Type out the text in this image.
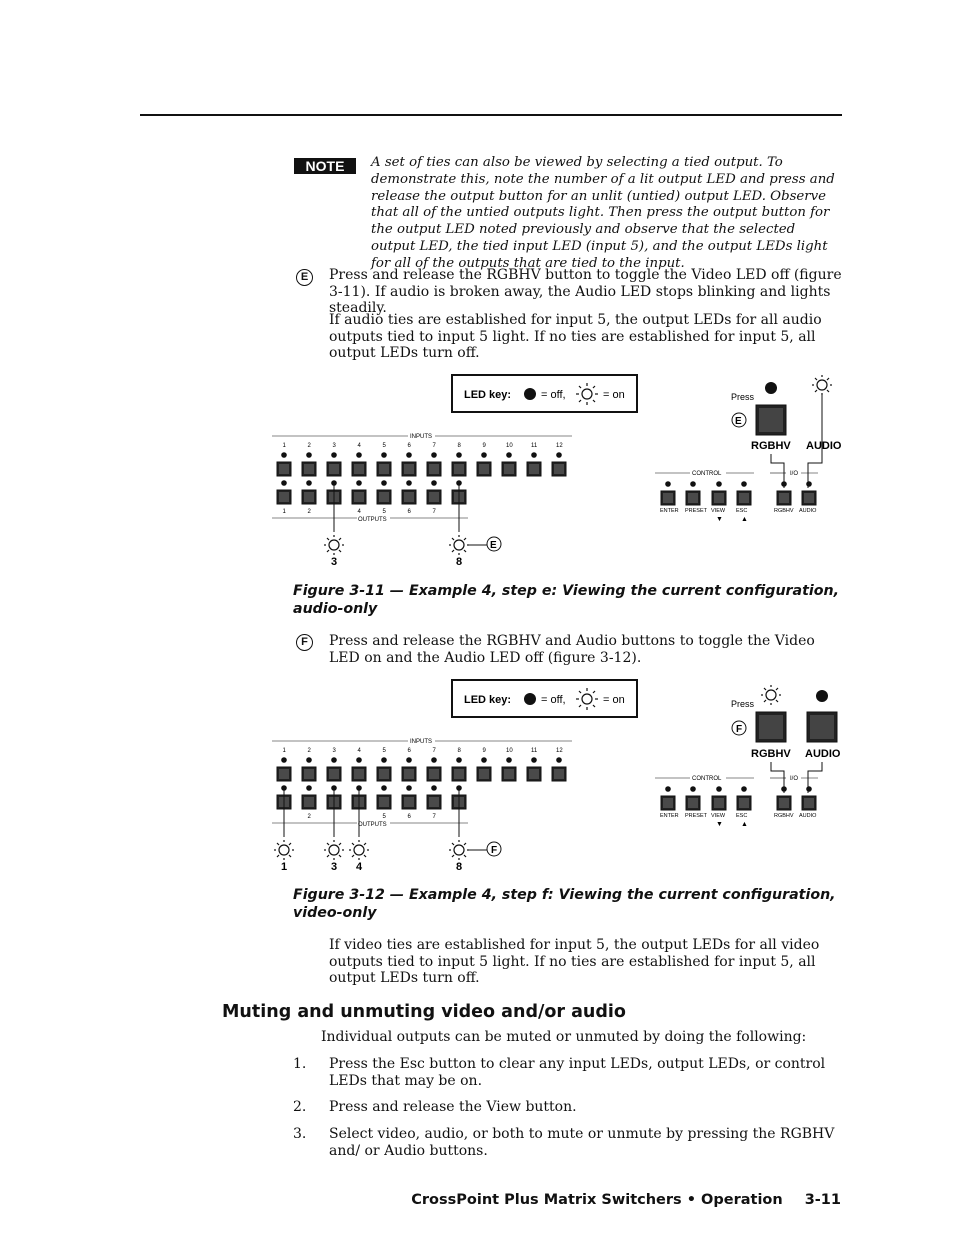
NOTE	A set of ties can also be viewed by selecting a tied output. To demonstrate this, note the number of a lit output LED and press and release the output button for an unlit (untied) output LED. Observe that all of the untied outputs light. Then press the output button for the output LED noted previously and observe that the selected output LED, the tied input LED (input 5), and the output LEDs light for all of the outputs that are tied to the input.
E	Press and release the RGBHV button to toggle the Video LED off (figure 3-11). If audio is broken away, the Audio LED stops blinking and lights steadily.
If audio ties are established for input 5, the output LEDs for all audio outputs tied to input 5 light. If no ties are established for input 5, all output LEDs turn off.
LED key:	= off,	= on
INPUTS
1	2	3	4	5	6	7	8	9	10	11	12
1	2	4	5	6	7
OUTPUTS
E
3	8
CONTROL	I/O
ENTER PRESET VIEW ESC
▼	▲
RGBHV AUDIO
Press
E
RGBHV AUDIO
Figure 3-11 — Example 4, step e: Viewing the current configuration, audio-only
F	Press and release the RGBHV and Audio buttons to toggle the Video LED on and the Audio LED off (figure 3-12).
LED key:	= off,	= on
INPUTS
1	2	3	4	5	6	7	8	9	10	11	12
2	5	6	7
OUTPUTS
F
1	3 4	8
CONTROL	I/O
ENTER PRESET VIEW ESC
▼	▲
RGBHV AUDIO
Press
F
RGBHV AUDIO
Figure 3-12 — Example 4, step f: Viewing the current configuration, video-only
If video ties are established for input 5, the output LEDs for all video outputs tied to input 5 light. If no ties are established for input 5, all output LEDs turn off.
Muting and unmuting video and/or audio
Individual outputs can be muted or unmuted by doing the following:
1. Press the Esc button to clear any input LEDs, output LEDs, or control LEDs that may be on.
2. Press and release the View button.
3. Select video, audio, or both to mute or unmute by pressing the RGBHV and/ or Audio buttons.
CrossPoint Plus Matrix Switchers • Operation 3-11
